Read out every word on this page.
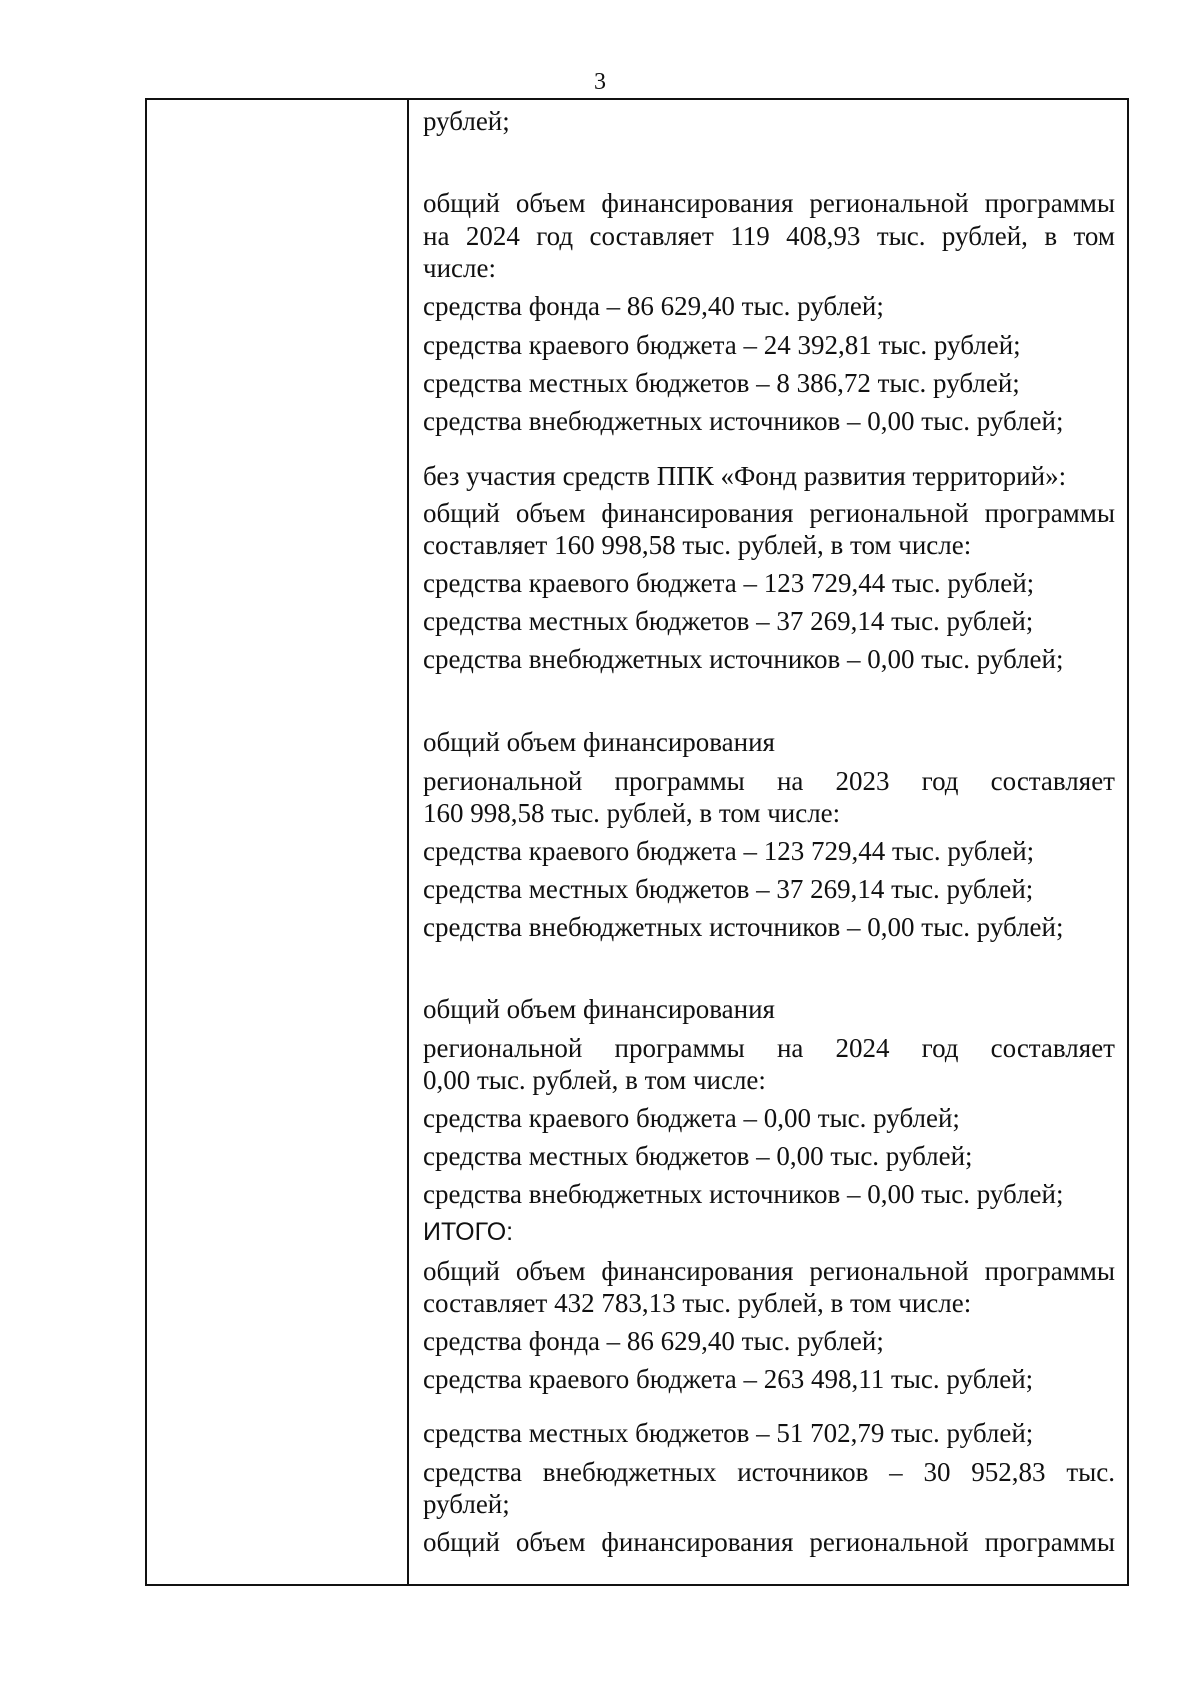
3
рублей;
общий объем финансирования региональной программы
на 2024 год составляет 119 408,93 тыс. рублей, в том
числе:
средства фонда – 86 629,40 тыс. рублей;
средства краевого бюджета – 24 392,81 тыс. рублей;
средства местных бюджетов – 8 386,72 тыс. рублей;
средства внебюджетных источников – 0,00 тыс. рублей;
без участия средств ППК «Фонд развития территорий»:
общий объем финансирования региональной программы
составляет 160 998,58 тыс. рублей, в том числе:
средства краевого бюджета – 123 729,44 тыс. рублей;
средства местных бюджетов – 37 269,14 тыс. рублей;
средства внебюджетных источников – 0,00 тыс. рублей;
общий объем финансирования
региональной программы на 2023 год составляет
160 998,58 тыс. рублей, в том числе:
средства краевого бюджета – 123 729,44 тыс. рублей;
средства местных бюджетов – 37 269,14 тыс. рублей;
средства внебюджетных источников – 0,00 тыс. рублей;
общий объем финансирования
региональной программы на 2024 год составляет
0,00 тыс. рублей, в том числе:
средства краевого бюджета – 0,00 тыс. рублей;
средства местных бюджетов – 0,00 тыс. рублей;
средства внебюджетных источников – 0,00 тыс. рублей;
ИТОГО:
общий объем финансирования региональной программы
составляет 432 783,13 тыс. рублей, в том числе:
средства фонда – 86 629,40 тыс. рублей;
средства краевого бюджета – 263 498,11 тыс. рублей;
средства местных бюджетов – 51 702,79 тыс. рублей;
средства внебюджетных источников – 30 952,83 тыс.
рублей;
общий объем финансирования региональной программы
